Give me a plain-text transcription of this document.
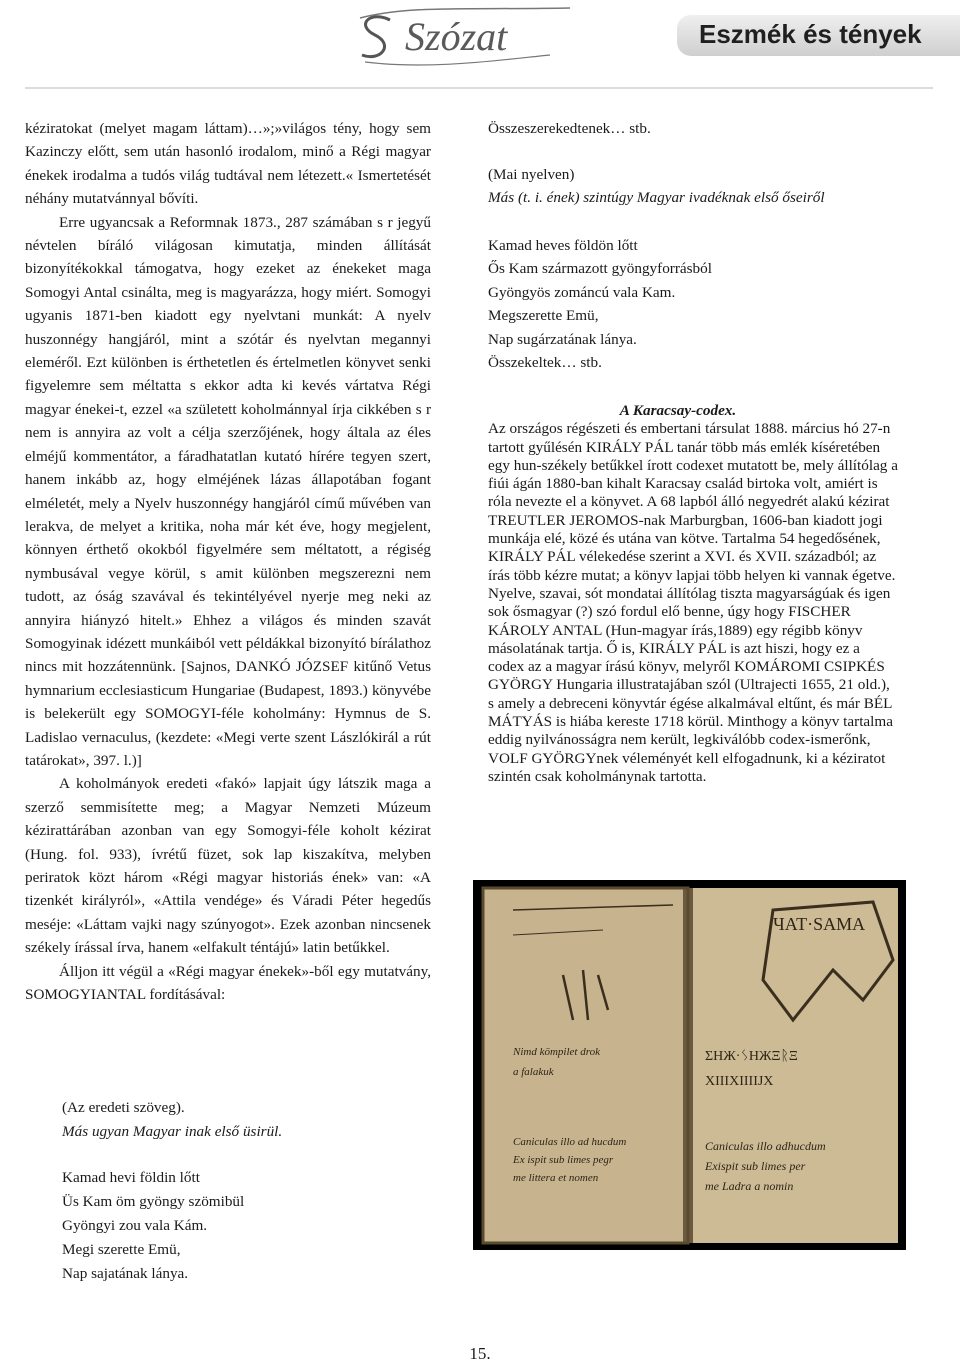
Szózat	Eszmék és tények

kéziratokat (melyet magam láttam)…»;»világos tény, hogy sem Kazinczy előtt, sem után hasonló irodalom, minő a Régi magyar énekek irodalma a tudós világ tudtával nem létezett.« Ismertetését néhány mutatvánnyal bővíti.

Erre ugyancsak a Reformnak 1873., 287 számában s r jegyű névtelen bíráló világosan kimutatja, minden állítását bizonyítékokkal támogatva, hogy ezeket az énekeket maga Somogyi Antal csinálta, meg is magyarázza, hogy miért. Somogyi ugyanis 1871-ben kiadott egy nyelvtani munkát: A nyelv huszonnégy hangjáról, mint a szótár és nyelvtan megannyi eleméről. Ezt különben is érthetetlen és értelmetlen könyvet senki figyelemre sem méltatta s ekkor adta ki kevés vártatva Régi magyar énekei-t, ezzel «a született koholmánnyal írja cikkében s r nem is annyira az volt a célja szerzőjének, hogy általa az éles elméjű kommentátor, a fáradhatatlan kutató hírére tegyen szert, hanem inkább az, hogy elméjének lázas állapotában fogant elméletét, mely a Nyelv huszonnégy hangjáról című művében van lerakva, de melyet a kritika, noha már két éve, hogy megjelent, könnyen érthető okokból figyelmére sem méltatott, a régiség nymbusával vegye körül, s amit különben megszerezni nem tudott, az óság szavával és tekintélyével nyerje meg neki az annyira hiányzó hitelt.» Ehhez a világos és minden szavát Somogyinak idézett munkáiból vett példákkal bizonyító bírálathoz nincs mit hozzátennünk. [Sajnos, DANKÓ JÓZSEF kitűnő Vetus hymnarium ecclesiasticum Hungariae (Budapest, 1893.) könyvébe is belekerült egy SOMOGYI-féle koholmány: Hymnus de S. Ladislao vernaculus, (kezdete: «Megi verte szent Lászlókirál a rút tatárokat», 397. l.)]

A koholmányok eredeti «fakó» lapjait úgy látszik maga a szerző semmisítette meg; a Magyar Nemzeti Múzeum kézirattárában azonban van egy Somogyi-féle koholt kézirat (Hung. fol. 933), ívrétű füzet, sok lap kiszakítva, melyben periratok közt három «Régi magyar historiás ének» van: «A tizenkét királyról», «Attila vendége» és Váradi Péter hegedűs meséje: «Láttam vajki nagy szúnyogot». Ezek azonban nincsenek székely írással írva, hanem «elfakult téntájú» latin betűkkel.

Álljon itt végül a «Régi magyar énekek»-ből egy mutatvány, SOMOGYIANTAL fordításával:

(Az eredeti szöveg).
Más ugyan Magyar inak első üsirül.
Kamad hevi földin lőtt
Üs Kam öm gyöngy szömibül
Gyöngyi zou vala Kám.
Megi szerette Emü,
Nap sajatának lánya.
Összeszerekedtenek… stb.
(Mai nyelven)
Más (t. i. ének) szintúgy Magyar ivadéknak első őseiről
Kamad heves földön lőtt
Ős Kam származott gyöngyforrásból
Gyöngyös zománcú vala Kam.
Megszerette Emü,
Nap sugárzatának lánya.
Összekeltek… stb.

A Karacsay-codex.

Az országos régészeti és embertani társulat 1888. március hó 27-n tartott gyűlésén KIRÁLY PÁL tanár több más emlék kíséretében egy hun-székely betűkkel írott codexet mutatott be, mely állítólag a fiúi ágán 1880-ban kihalt Karacsay család birtoka volt, amiért is róla nevezte el a könyvet. A 68 lapból álló negyedrét alakú kézirat TREUTLER JEROMOS-nak Marburgban, 1606-ban kiadott jogi munkája elé, közé és utána van kötve. Tartalma 54 hegedősének, KIRÁLY PÁL vélekedése szerint a XVI. és XVII. századból; az írás több kézre mutat; a könyv lapjai több helyen ki vannak égetve. Nyelve, szavai, sót mondatai állítólag tiszta magyarságúak és igen sok ősmagyar (?) szó fordul elő benne, úgy hogy FISCHER KÁROLY ANTAL (Hun-magyar írás,1889) egy régibb könyv másolatának tartja. Ő is, KIRÁLY PÁL is azt hiszi, hogy ez a codex az a magyar írású könyv, melyről KOMÁROMI CSIPKÉS GYÖRGY Hungaria illustratajában szól (Ultrajecti 1655, 21 old.), s amely a debreceni könyvtár égése alkalmával eltűnt, és már BÉL MÁTYÁS is hiába kereste 1718 körül. Minthogy a könyv tartalma eddig nyilvánosságra nem került, legkiválóbb codex-ismerőnk, VOLF GYÖRGYnek véleményét kell elfogadnunk, ki a kéziratot szintén csak koholmánynak tartotta.

ЧАТ·ЅАМА
Nimd kömpilet drok
a falakuk
Caniculas illo ad hucdum
Ex ispit sub limes pegr
me littera et nomen
ΣHЖ·ᛊHЖΞᚱΞ
XIIIXIIIIJX
Caniculas illo adhucdum
Exispit sub limes per
me Ladra a nomin
15.
